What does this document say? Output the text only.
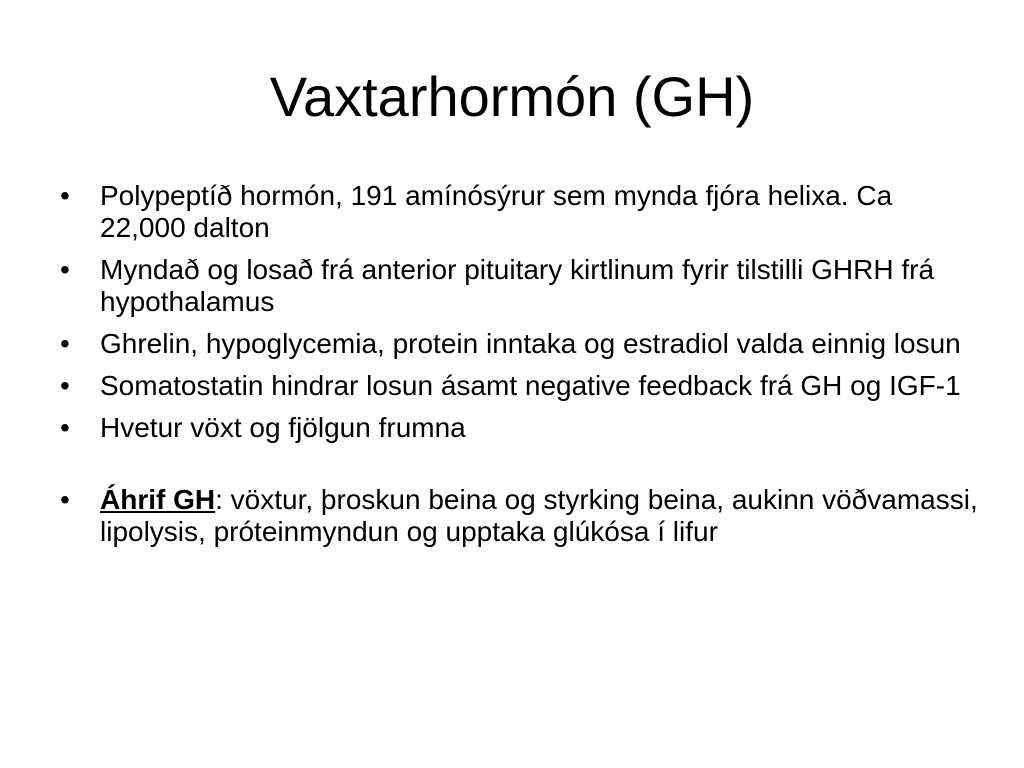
Vaxtarhormón (GH)
• Polypeptíð hormón, 191 amínósýrur sem mynda fjóra helixa. Ca 22,000 dalton
• Myndað og losað frá anterior pituitary kirtlinum fyrir tilstilli GHRH frá hypothalamus
• Ghrelin, hypoglycemia, protein inntaka og estradiol valda einnig losun
• Somatostatin hindrar losun ásamt negative feedback frá GH og IGF-1
• Hvetur vöxt og fjölgun frumna
• Áhrif GH: vöxtur, þroskun beina og styrking beina, aukinn vöðvamassi, lipolysis, próteinmyndun og upptaka glúkósa í lifur
